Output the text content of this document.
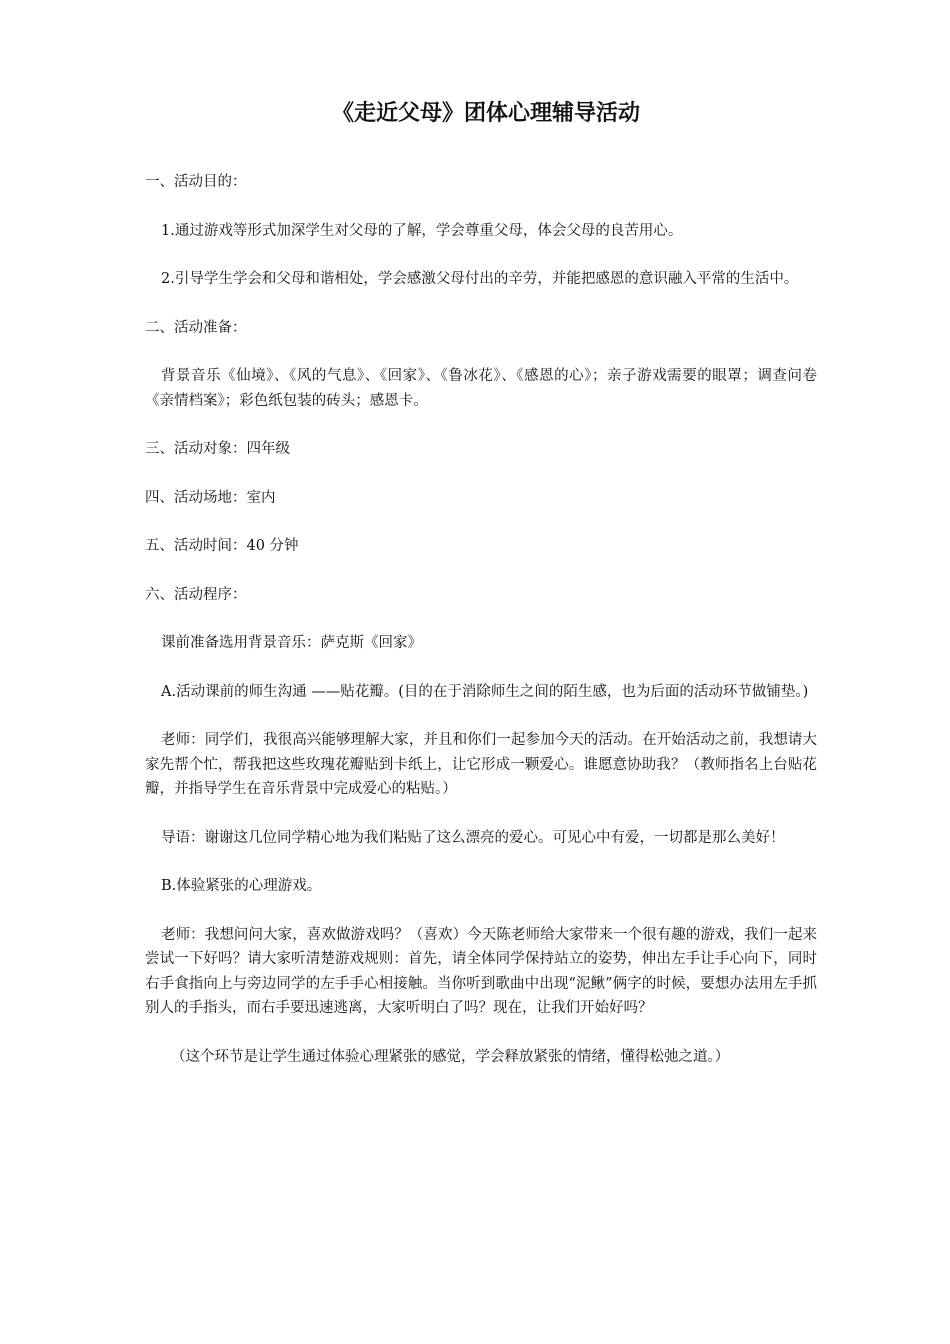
《走近父母》团体心理辅导活动

一、活动目的：

1.通过游戏等形式加深学生对父母的了解，学会尊重父母，体会父母的良苦用心。

2.引导学生学会和父母和谐相处，学会感激父母付出的辛劳，并能把感恩的意识融入平常的生活中。

二、活动准备：

背景音乐《仙境》、《风的气息》、《回家》、《鲁冰花》、《感恩的心》；亲子游戏需要的眼罩；调查问卷《亲情档案》；彩色纸包装的砖头；感恩卡。

三、活动对象：四年级

四、活动场地：室内

五、活动时间：40 分钟

六、活动程序：

课前准备选用背景音乐：萨克斯《回家》

A.活动课前的师生沟通 ——贴花瓣。(目的在于消除师生之间的陌生感，也为后面的活动环节做铺垫。)

老师：同学们，我很高兴能够理解大家，并且和你们一起参加今天的活动。在开始活动之前，我想请大家先帮个忙，帮我把这些玫瑰花瓣贴到卡纸上，让它形成一颗爱心。谁愿意协助我？（教师指名上台贴花瓣，并指导学生在音乐背景中完成爱心的粘贴。）

导语：谢谢这几位同学精心地为我们粘贴了这么漂亮的爱心。可见心中有爱，一切都是那么美好！

B.体验紧张的心理游戏。

老师：我想问问大家，喜欢做游戏吗？（喜欢）今天陈老师给大家带来一个很有趣的游戏，我们一起来尝试一下好吗？请大家听清楚游戏规则：首先，请全体同学保持站立的姿势，伸出左手让手心向下，同时右手食指向上与旁边同学的左手手心相接触。当你听到歌曲中出现“泥鳅”俩字的时候，要想办法用左手抓别人的手指头，而右手要迅速逃离，大家听明白了吗？现在，让我们开始好吗？

（这个环节是让学生通过体验心理紧张的感觉，学会释放紧张的情绪，懂得松弛之道。）
